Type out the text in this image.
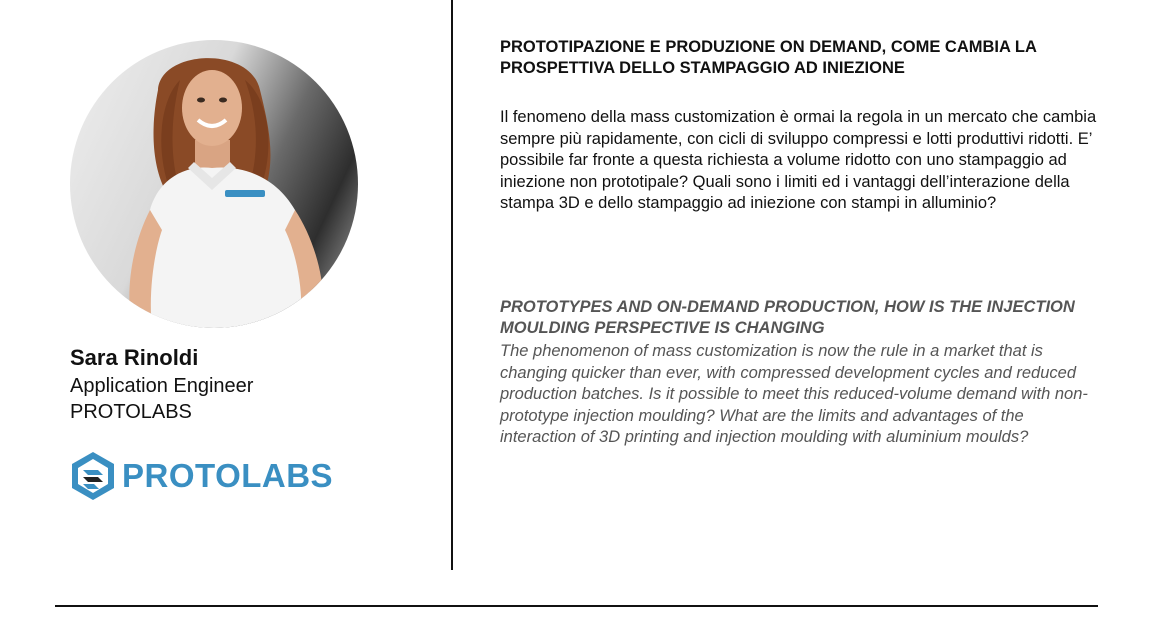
Sara Rinoldi
Application Engineer
PROTOLABS
PROTOLABS
PROTOTIPAZIONE E PRODUZIONE ON DEMAND, COME CAMBIA LA PROSPETTIVA DELLO STAMPAGGIO AD INIEZIONE
Il fenomeno della mass customization è ormai la regola in un mercato che cambia sempre più rapidamente, con cicli di sviluppo compressi e lotti produttivi ridotti. E’ possibile far fronte a questa richiesta a volume ridotto con uno stampaggio ad iniezione non prototipale? Quali sono i limiti ed i vantaggi dell’interazione della stampa 3D e dello stampaggio ad iniezione con stampi in alluminio?
PROTOTYPES AND ON-DEMAND PRODUCTION, HOW IS THE INJECTION MOULDING PERSPECTIVE IS CHANGING
The phenomenon of mass customization is now the rule in a market that is changing quicker than ever, with compressed development cycles and reduced production batches. Is it possible to meet this reduced-volume demand with non-prototype injection moulding? What are the limits and advantages of the interaction of 3D printing and injection moulding with aluminium moulds?
